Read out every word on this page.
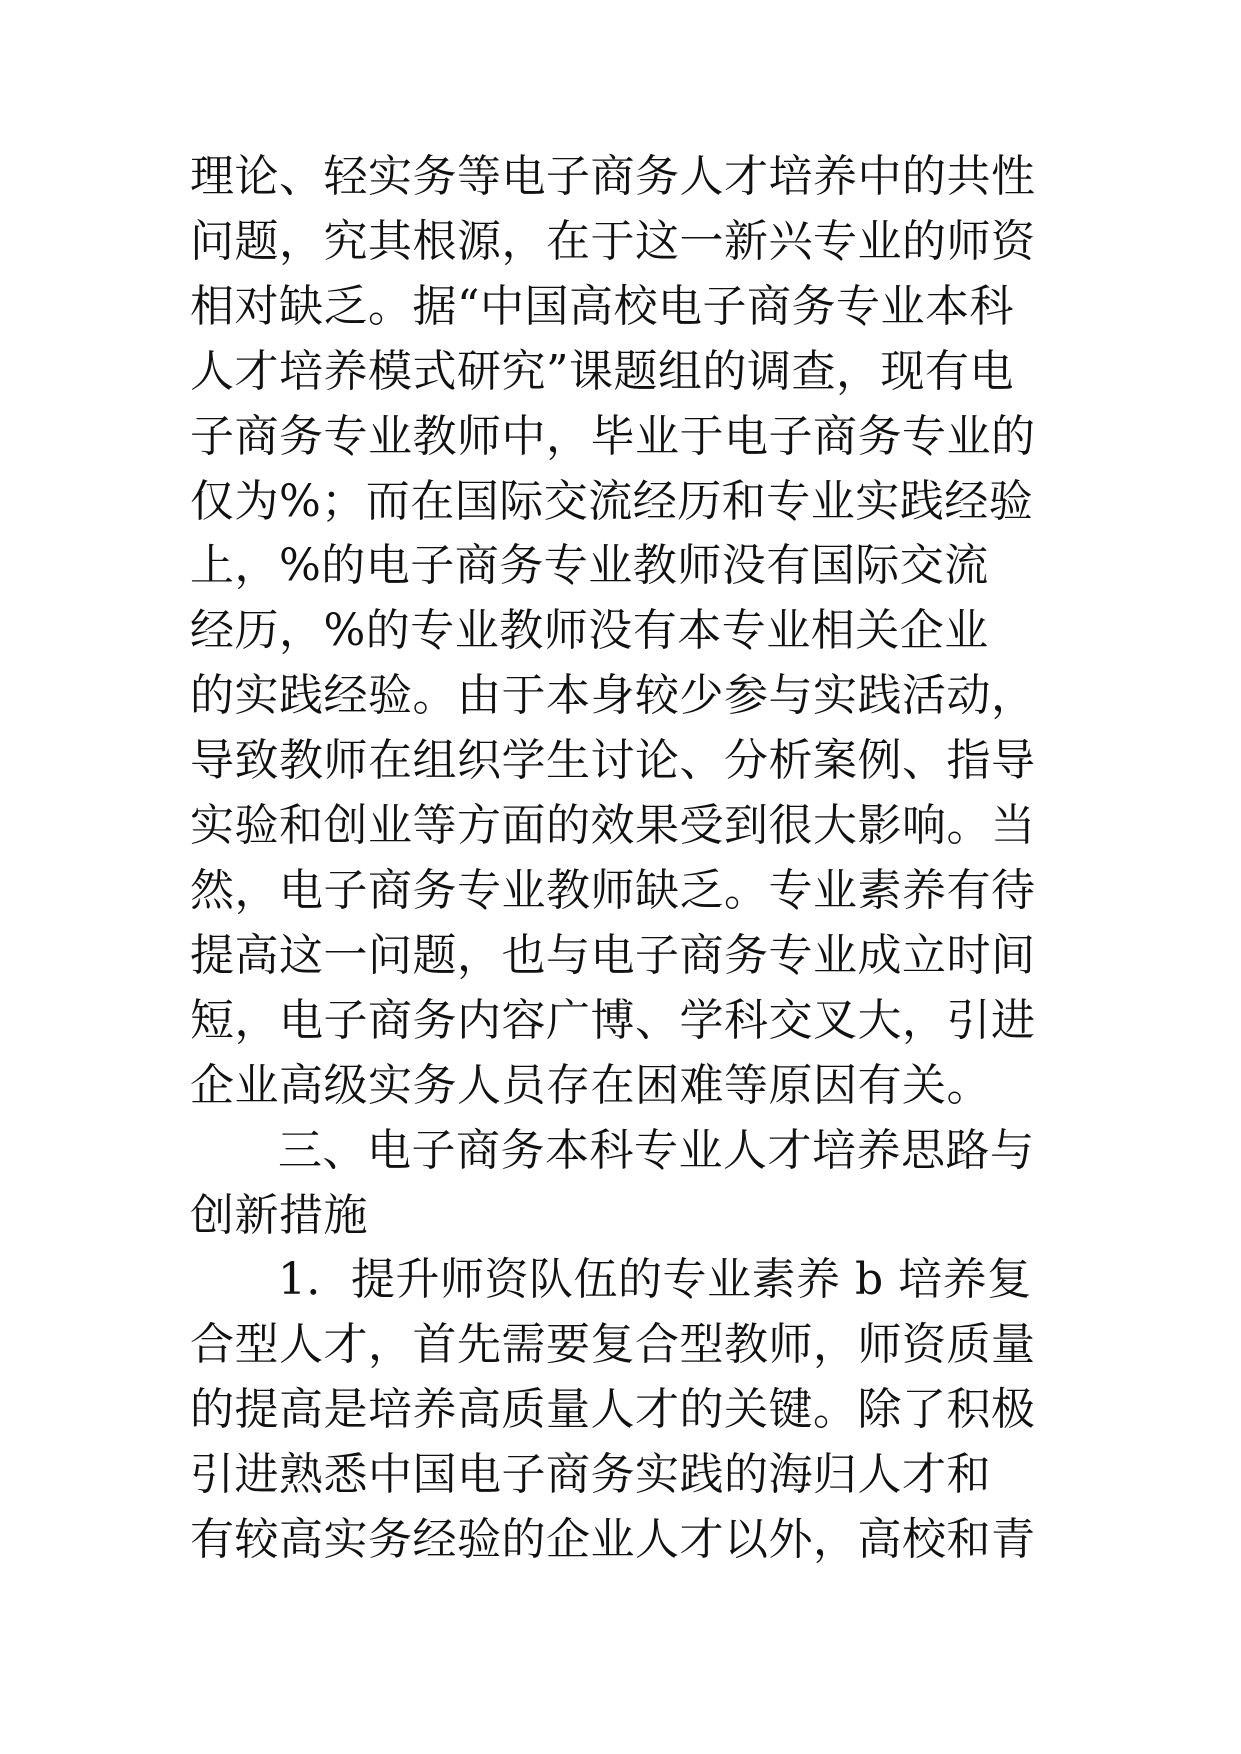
理论、轻实务等电子商务人才培养中的共性
问题，究其根源，在于这一新兴专业的师资
相对缺乏。据“中国高校电子商务专业本科
人才培养模式研究”课题组的调查，现有电
子商务专业教师中，毕业于电子商务专业的
仅为%；而在国际交流经历和专业实践经验
上，%的电子商务专业教师没有国际交流
经历，%的专业教师没有本专业相关企业
的实践经验。由于本身较少参与实践活动，
导致教师在组织学生讨论、分析案例、指导
实验和创业等方面的效果受到很大影响。当
然，电子商务专业教师缺乏。专业素养有待
提高这一问题，也与电子商务专业成立时间
短，电子商务内容广博、学科交叉大，引进
企业高级实务人员存在困难等原因有关。
三、电子商务本科专业人才培养思路与
创新措施
1．提升师资队伍的专业素养 b 培养复
合型人才，首先需要复合型教师，师资质量
的提高是培养高质量人才的关键。除了积极
引进熟悉中国电子商务实践的海归人才和
有较高实务经验的企业人才以外，高校和青
